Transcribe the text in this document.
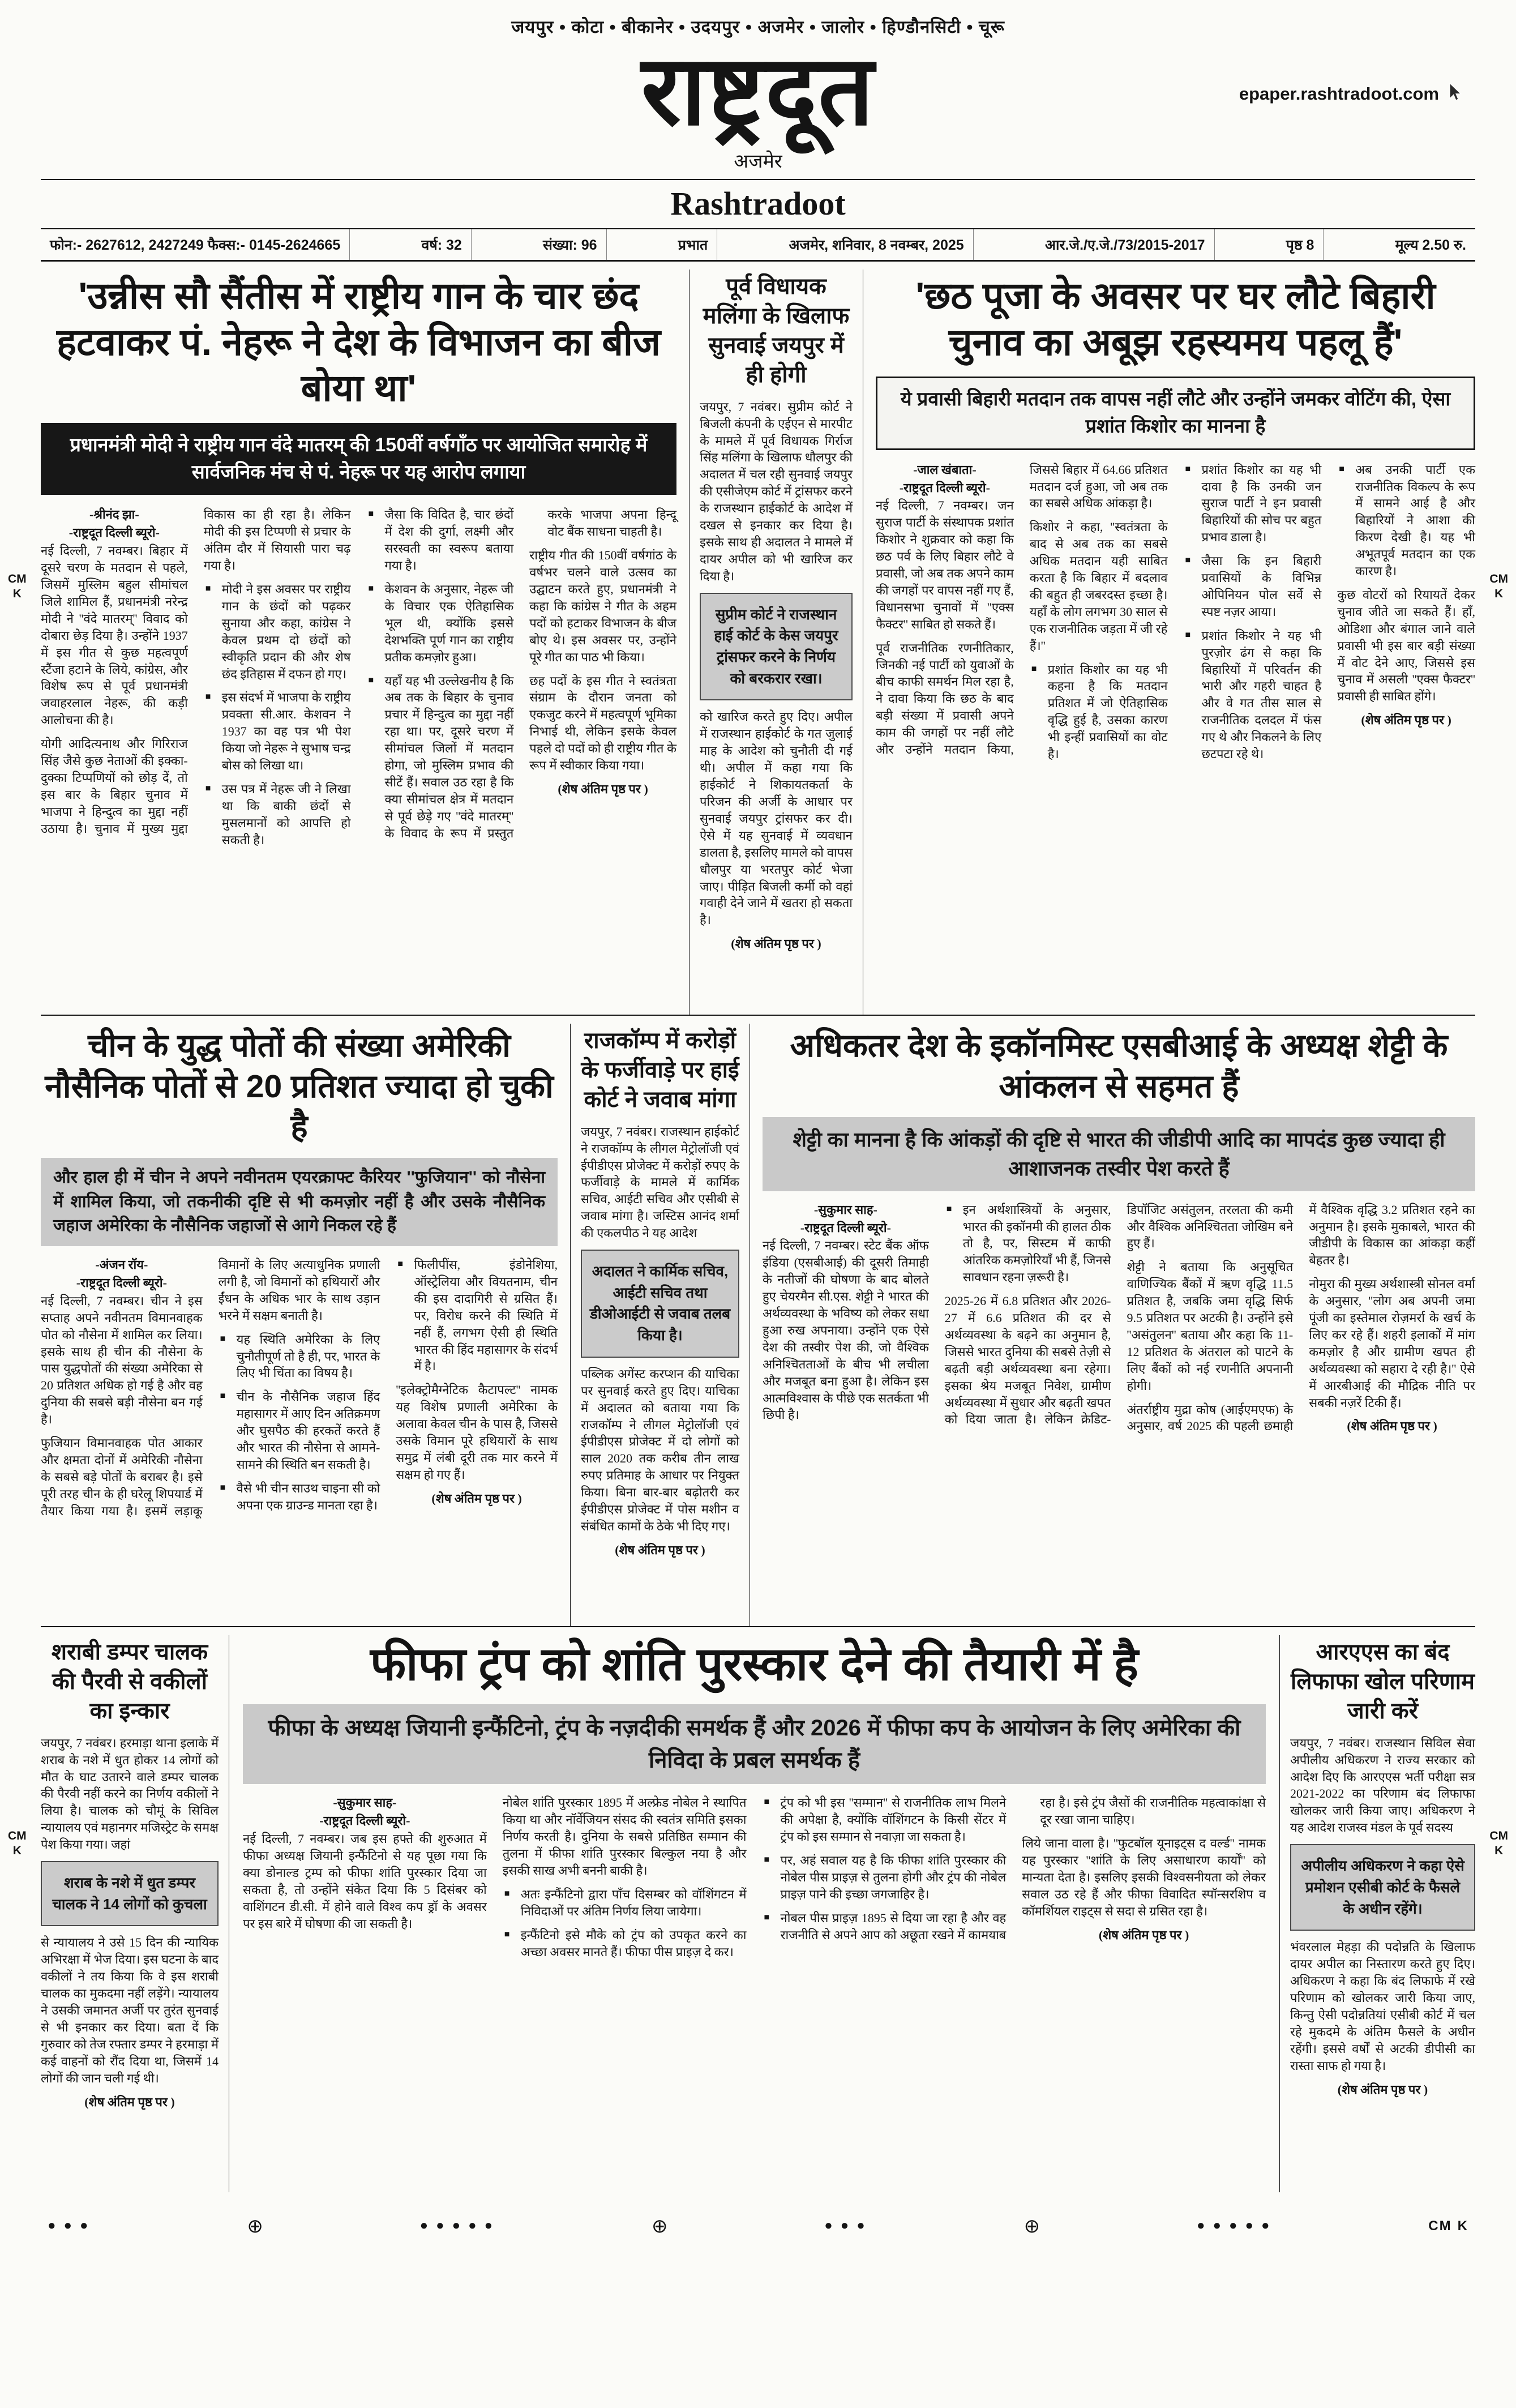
CM
K
CM
K
CM
K
CM
K
जयपुर • कोटा • बीकानेर • उदयपुर • अजमेर • जालोर • हिण्डौनसिटी • चूरू
राष्ट्रदूत	epaper.rashtradoot.com
अजमेर
Rashtradoot
फोन:- 2627612, 2427249 फैक्स:- 0145-2624665	वर्ष: 32	संख्या: 96	प्रभात	अजमेर, शनिवार, 8 नवम्बर, 2025	आर.जे./ए.जे./73/2015-2017	पृष्ठ 8	मूल्य 2.50 रु.
'उन्नीस सौ सैंतीस में राष्ट्रीय गान के चार छंद हटवाकर पं. नेहरू ने देश के विभाजन का बीज बोया था'
प्रधानमंत्री मोदी ने राष्ट्रीय गान वंदे मातरम् की 150वीं वर्षगाँठ पर आयोजित समारोह में सार्वजनिक मंच से पं. नेहरू पर यह आरोप लगाया

-श्रीनंद झा-

-राष्ट्रदूत दिल्ली ब्यूरो-

नई दिल्ली, 7 नवम्बर। बिहार में दूसरे चरण के मतदान से पहले, जिसमें मुस्लिम बहुल सीमांचल जिले शामिल हैं, प्रधानमंत्री नरेन्द्र मोदी ने ''वंदे मातरम्'' विवाद को दोबारा छेड़ दिया है। उन्होंने 1937 में इस गीत से कुछ महत्वपूर्ण स्टैंजा हटाने के लिये, कांग्रेस, और विशेष रूप से पूर्व प्रधानमंत्री जवाहरलाल नेहरू, की कड़ी आलोचना की है।

योगी आदित्यनाथ और गिरिराज सिंह जैसे कुछ नेताओं की इक्का-दुक्का टिप्पणियों को छोड़ दें, तो इस बार के बिहार चुनाव में भाजपा ने हिन्दुत्व का मुद्दा नहीं उठाया है। चुनाव में मुख्य मुद्दा विकास का ही रहा है। लेकिन मोदी की इस टिप्पणी से प्रचार के अंतिम दौर में सियासी पारा चढ़ गया है।

■ मोदी ने इस अवसर पर राष्ट्रीय गान के छंदों को पढ़कर सुनाया और कहा, कांग्रेस ने केवल प्रथम दो छंदों को स्वीकृति प्रदान की और शेष छंद इतिहास में दफन हो गए।

■ इस संदर्भ में भाजपा के राष्ट्रीय प्रवक्ता सी.आर. केशवन ने 1937 का वह पत्र भी पेश किया जो नेहरू ने सुभाष चन्द्र बोस को लिखा था।

■ उस पत्र में नेहरू जी ने लिखा था कि बाकी छंदों से मुसलमानों को आपत्ति हो सकती है।

■ जैसा कि विदित है, चार छंदों में देश की दुर्गा, लक्ष्मी और सरस्वती का स्वरूप बताया गया है।

■ केशवन के अनुसार, नेहरू जी के विचार एक ऐतिहासिक भूल थी, क्योंकि इससे देशभक्ति पूर्ण गान का राष्ट्रीय प्रतीक कमज़ोर हुआ।

■ यहाँ यह भी उल्लेखनीय है कि अब तक के बिहार के चुनाव प्रचार में हिन्दुत्व का मुद्दा नहीं रहा था। पर, दूसरे चरण में सीमांचल जिलों में मतदान होगा, जो मुस्लिम प्रभाव की सीटें हैं। सवाल उठ रहा है कि क्या सीमांचल क्षेत्र में मतदान से पूर्व छेड़े गए ''वंदे मातरम्'' के विवाद के रूप में प्रस्तुत करके भाजपा अपना हिन्दू वोट बैंक साधना चाहती है।

राष्ट्रीय गीत की 150वीं वर्षगांठ के वर्षभर चलने वाले उत्सव का उद्घाटन करते हुए, प्रधानमंत्री ने कहा कि कांग्रेस ने गीत के अहम पदों को हटाकर विभाजन के बीज बोए थे। इस अवसर पर, उन्होंने पूरे गीत का पाठ भी किया।

छह पदों के इस गीत ने स्वतंत्रता संग्राम के दौरान जनता को एकजुट करने में महत्वपूर्ण भूमिका निभाई थी, लेकिन इसके केवल पहले दो पदों को ही राष्ट्रीय गीत के रूप में स्वीकार किया गया।

(शेष अंतिम पृष्ठ पर )

पूर्व विधायक मलिंगा के खिलाफ सुनवाई जयपुर में ही होगी

जयपुर, 7 नवंबर। सुप्रीम कोर्ट ने बिजली कंपनी के एईएन से मारपीट के मामले में पूर्व विधायक गिर्राज सिंह मलिंगा के खिलाफ धौलपुर की अदालत में चल रही सुनवाई जयपुर की एसीजेएम कोर्ट में ट्रांसफर करने के राजस्थान हाईकोर्ट के आदेश में दखल से इनकार कर दिया है। इसके साथ ही अदालत ने मामले में दायर अपील को भी खारिज कर दिया है।

सुप्रीम कोर्ट ने राजस्थान हाई कोर्ट के केस जयपुर ट्रांसफर करने के निर्णय को बरकरार रखा।

को खारिज करते हुए दिए। अपील में राजस्थान हाईकोर्ट के गत जुलाई माह के आदेश को चुनौती दी गई थी। अपील में कहा गया कि हाईकोर्ट ने शिकायतकर्ता के परिजन की अर्जी के आधार पर सुनवाई जयपुर ट्रांसफर कर दी। ऐसे में यह सुनवाई में व्यवधान डालता है, इसलिए मामले को वापस धौलपुर या भरतपुर कोर्ट भेजा जाए। पीड़ित बिजली कर्मी को वहां गवाही देने जाने में खतरा हो सकता है।

(शेष अंतिम पृष्ठ पर )

'छठ पूजा के अवसर पर घर लौटे बिहारी चुनाव का अबूझ रहस्यमय पहलू हैं'
ये प्रवासी बिहारी मतदान तक वापस नहीं लौटे और उन्होंने जमकर वोटिंग की, ऐसा प्रशांत किशोर का मानना है

-जाल खंबाता-

-राष्ट्रदूत दिल्ली ब्यूरो-

नई दिल्ली, 7 नवम्बर। जन सुराज पार्टी के संस्थापक प्रशांत किशोर ने शुक्रवार को कहा कि छठ पर्व के लिए बिहार लौटे वे प्रवासी, जो अब तक अपने काम की जगहों पर वापस नहीं गए हैं, विधानसभा चुनावों में ''एक्स फैक्टर'' साबित हो सकते हैं।

पूर्व राजनीतिक रणनीतिकार, जिनकी नई पार्टी को युवाओं के बीच काफी समर्थन मिल रहा है, ने दावा किया कि छठ के बाद बड़ी संख्या में प्रवासी अपने काम की जगहों पर नहीं लौटे और उन्होंने मतदान किया, जिससे बिहार में 64.66 प्रतिशत मतदान दर्ज हुआ, जो अब तक का सबसे अधिक आंकड़ा है।

किशोर ने कहा, ''स्वतंत्रता के बाद से अब तक का सबसे अधिक मतदान यही साबित करता है कि बिहार में बदलाव की बहुत ही जबरदस्त इच्छा है। यहाँ के लोग लगभग 30 साल से एक राजनीतिक जड़ता में जी रहे हैं।''

■ प्रशांत किशोर का यह भी कहना है कि मतदान प्रतिशत में जो ऐतिहासिक वृद्धि हुई है, उसका कारण भी इन्हीं प्रवासियों का वोट है।

■ प्रशांत किशोर का यह भी दावा है कि उनकी जन सुराज पार्टी ने इन प्रवासी बिहारियों की सोच पर बहुत प्रभाव डाला है।

■ जैसा कि इन बिहारी प्रवासियों के विभिन्न ओपिनियन पोल सर्वे से स्पष्ट नज़र आया।

■ प्रशांत किशोर ने यह भी पुरज़ोर ढंग से कहा कि बिहारियों में परिवर्तन की भारी और गहरी चाहत है और वे गत तीस साल से राजनीतिक दलदल में फंस गए थे और निकलने के लिए छटपटा रहे थे।

■ अब उनकी पार्टी एक राजनीतिक विकल्प के रूप में सामने आई है और बिहारियों ने आशा की किरण देखी है। यह भी अभूतपूर्व मतदान का एक कारण है।

कुछ वोटरों को रियायतें देकर चुनाव जीते जा सकते हैं। हाँ, ओडिशा और बंगाल जाने वाले प्रवासी भी इस बार बड़ी संख्या में वोट देने आए, जिससे इस चुनाव में असली ''एक्स फैक्टर'' प्रवासी ही साबित होंगे।

(शेष अंतिम पृष्ठ पर )

चीन के युद्ध पोतों की संख्या अमेरिकी नौसैनिक पोतों से 20 प्रतिशत ज्यादा हो चुकी है
और हाल ही में चीन ने अपने नवीनतम एयरक्राफ्ट कैरियर ''फुजियान'' को नौसेना में शामिल किया, जो तकनीकी दृष्टि से भी कमज़ोर नहीं है और उसके नौसैनिक जहाज अमेरिका के नौसैनिक जहाजों से आगे निकल रहे हैं

-अंजन रॉय-

-राष्ट्रदूत दिल्ली ब्यूरो-

नई दिल्ली, 7 नवम्बर। चीन ने इस सप्ताह अपने नवीनतम विमानवाहक पोत को नौसेना में शामिल कर लिया। इसके साथ ही चीन की नौसेना के पास युद्धपोतों की संख्या अमेरिका से 20 प्रतिशत अधिक हो गई है और वह दुनिया की सबसे बड़ी नौसेना बन गई है।

फुजियान विमानवाहक पोत आकार और क्षमता दोनों में अमेरिकी नौसेना के सबसे बड़े पोतों के बराबर है। इसे पूरी तरह चीन के ही घरेलू शिपयार्ड में तैयार किया गया है। इसमें लड़ाकू विमानों के लिए अत्याधुनिक प्रणाली लगी है, जो विमानों को हथियारों और ईंधन के अधिक भार के साथ उड़ान भरने में सक्षम बनाती है।

■ यह स्थिति अमेरिका के लिए चुनौतीपूर्ण तो है ही, पर, भारत के लिए भी चिंता का विषय है।

■ चीन के नौसैनिक जहाज हिंद महासागर में आए दिन अतिक्रमण और घुसपैठ की हरकतें करते हैं और भारत की नौसेना से आमने-सामने की स्थिति बन सकती है।

■ वैसे भी चीन साउथ चाइना सी को अपना एक ग्राउन्ड मानता रहा है।

■ फिलीपींस, इंडोनेशिया, ऑस्ट्रेलिया और वियतनाम, चीन की इस दादागिरी से ग्रसित हैं। पर, विरोध करने की स्थिति में नहीं हैं, लगभग ऐसी ही स्थिति भारत की हिंद महासागर के संदर्भ में है।

''इलेक्ट्रोमैग्नेटिक कैटापल्ट'' नामक यह विशेष प्रणाली अमेरिका के अलावा केवल चीन के पास है, जिससे उसके विमान पूरे हथियारों के साथ समुद्र में लंबी दूरी तक मार करने में सक्षम हो गए हैं।

(शेष अंतिम पृष्ठ पर )

राजकॉम्प में करोड़ों के फर्जीवाड़े पर हाई कोर्ट ने जवाब मांगा

जयपुर, 7 नवंबर। राजस्थान हाईकोर्ट ने राजकॉम्प के लीगल मेट्रोलॉजी एवं ईपीडीएस प्रोजेक्ट में करोड़ों रुपए के फर्जीवाड़े के मामले में कार्मिक सचिव, आईटी सचिव और एसीबी से जवाब मांगा है। जस्टिस आनंद शर्मा की एकलपीठ ने यह आदेश

अदालत ने कार्मिक सचिव, आईटी सचिव तथा डीओआईटी से जवाब तलब किया है।

पब्लिक अगेंस्ट करप्शन की याचिका पर सुनवाई करते हुए दिए। याचिका में अदालत को बताया गया कि राजकॉम्प ने लीगल मेट्रोलॉजी एवं ईपीडीएस प्रोजेक्ट में दो लोगों को साल 2020 तक करीब तीन लाख रुपए प्रतिमाह के आधार पर नियुक्त किया। बिना बार-बार बढ़ोतरी कर ईपीडीएस प्रोजेक्ट में पोस मशीन व संबंधित कामों के ठेके भी दिए गए।

(शेष अंतिम पृष्ठ पर )

अधिकतर देश के इकॉनमिस्ट एसबीआई के अध्यक्ष शेट्टी के आंकलन से सहमत हैं
शेट्टी का मानना है कि आंकड़ों की दृष्टि से भारत की जीडीपी आदि का मापदंड कुछ ज्यादा ही आशाजनक तस्वीर पेश करते हैं

-सुकुमार साह-

-राष्ट्रदूत दिल्ली ब्यूरो-

नई दिल्ली, 7 नवम्बर। स्टेट बैंक ऑफ इंडिया (एसबीआई) की दूसरी तिमाही के नतीजों की घोषणा के बाद बोलते हुए चेयरमैन सी.एस. शेट्टी ने भारत की अर्थव्यवस्था के भविष्य को लेकर सधा हुआ रुख अपनाया। उन्होंने एक ऐसे देश की तस्वीर पेश की, जो वैश्विक अनिश्चितताओं के बीच भी लचीला और मजबूत बना हुआ है। लेकिन इस आत्मविश्वास के पीछे एक सतर्कता भी छिपी है।

■ इन अर्थशास्त्रियों के अनुसार, भारत की इकॉनमी की हालत ठीक तो है, पर, सिस्टम में काफी आंतरिक कमज़ोरियाँ भी हैं, जिनसे सावधान रहना ज़रूरी है।

2025-26 में 6.8 प्रतिशत और 2026-27 में 6.6 प्रतिशत की दर से अर्थव्यवस्था के बढ़ने का अनुमान है, जिससे भारत दुनिया की सबसे तेज़ी से बढ़ती बड़ी अर्थव्यवस्था बना रहेगा। इसका श्रेय मजबूत निवेश, ग्रामीण अर्थव्यवस्था में सुधार और बढ़ती खपत को दिया जाता है। लेकिन क्रेडिट-डिपॉजिट असंतुलन, तरलता की कमी और वैश्विक अनिश्चितता जोखिम बने हुए हैं।

शेट्टी ने बताया कि अनुसूचित वाणिज्यिक बैंकों में ऋण वृद्धि 11.5 प्रतिशत है, जबकि जमा वृद्धि सिर्फ 9.5 प्रतिशत पर अटकी है। उन्होंने इसे ''असंतुलन'' बताया और कहा कि 11-12 प्रतिशत के अंतराल को पाटने के लिए बैंकों को नई रणनीति अपनानी होगी।

अंतर्राष्ट्रीय मुद्रा कोष (आईएमएफ) के अनुसार, वर्ष 2025 की पहली छमाही में वैश्विक वृद्धि 3.2 प्रतिशत रहने का अनुमान है। इसके मुकाबले, भारत की जीडीपी के विकास का आंकड़ा कहीं बेहतर है।

नोमुरा की मुख्य अर्थशास्त्री सोनल वर्मा के अनुसार, ''लोग अब अपनी जमा पूंजी का इस्तेमाल रोज़मर्रा के खर्च के लिए कर रहे हैं। शहरी इलाकों में मांग कमज़ोर है और ग्रामीण खपत ही अर्थव्यवस्था को सहारा दे रही है।'' ऐसे में आरबीआई की मौद्रिक नीति पर सबकी नज़रें टिकी हैं।

(शेष अंतिम पृष्ठ पर )

शराबी डम्पर चालक की पैरवी से वकीलों का इन्कार

जयपुर, 7 नवंबर। हरमाड़ा थाना इलाके में शराब के नशे में धुत होकर 14 लोगों को मौत के घाट उतारने वाले डम्पर चालक की पैरवी नहीं करने का निर्णय वकीलों ने लिया है। चालक को चौमूं के सिविल न्यायालय एवं महानगर मजिस्ट्रेट के समक्ष पेश किया गया। जहां

शराब के नशे में धुत डम्पर चालक ने 14 लोगों को कुचला

से न्यायालय ने उसे 15 दिन की न्यायिक अभिरक्षा में भेज दिया। इस घटना के बाद वकीलों ने तय किया कि वे इस शराबी चालक का मुकदमा नहीं लड़ेंगे। न्यायालय ने उसकी जमानत अर्जी पर तुरंत सुनवाई से भी इनकार कर दिया। बता दें कि गुरुवार को तेज रफ्तार डम्पर ने हरमाड़ा में कई वाहनों को रौंद दिया था, जिसमें 14 लोगों की जान चली गई थी।

(शेष अंतिम पृष्ठ पर )

फीफा ट्रंप को शांति पुरस्कार देने की तैयारी में है
फीफा के अध्यक्ष जियानी इन्फैंटिनो, ट्रंप के नज़दीकी समर्थक हैं और 2026 में फीफा कप के आयोजन के लिए अमेरिका की निविदा के प्रबल समर्थक हैं

-सुकुमार साह-

-राष्ट्रदूत दिल्ली ब्यूरो-

नई दिल्ली, 7 नवम्बर। जब इस हफ्ते की शुरुआत में फीफा अध्यक्ष जियानी इन्फैंटिनो से यह पूछा गया कि क्या डोनाल्ड ट्रम्प को फीफा शांति पुरस्कार दिया जा सकता है, तो उन्होंने संकेत दिया कि 5 दिसंबर को वाशिंगटन डी.सी. में होने वाले विश्व कप ड्रॉ के अवसर पर इस बारे में घोषणा की जा सकती है।

नोबेल शांति पुरस्कार 1895 में अल्फ्रेड नोबेल ने स्थापित किया था और नॉर्वेजियन संसद की स्वतंत्र समिति इसका निर्णय करती है। दुनिया के सबसे प्रतिष्ठित सम्मान की तुलना में फीफा शांति पुरस्कार बिल्कुल नया है और इसकी साख अभी बननी बाकी है।

■ अतः इन्फैंटिनो द्वारा पाँच दिसम्बर को वॉशिंगटन में निविदाओं पर अंतिम निर्णय लिया जायेगा।

■ इन्फैंटिनो इसे मौके को ट्रंप को उपकृत करने का अच्छा अवसर मानते हैं। फीफा पीस प्राइज़ दे कर।

■ ट्रंप को भी इस ''सम्मान'' से राजनीतिक लाभ मिलने की अपेक्षा है, क्योंकि वॉशिंगटन के किसी सेंटर में ट्रंप को इस सम्मान से नवाज़ा जा सकता है।

■ पर, अहं सवाल यह है कि फीफा शांति पुरस्कार की नोबेल पीस प्राइज़ से तुलना होगी और ट्रंप की नोबेल प्राइज़ पाने की इच्छा जगजाहिर है।

■ नोबल पीस प्राइज़ 1895 से दिया जा रहा है और वह राजनीति से अपने आप को अछूता रखने में कामयाब रहा है। इसे ट्रंप जैसों की राजनीतिक महत्वाकांक्षा से दूर रखा जाना चाहिए।

लिये जाना वाला है। ''फुटबॉल यूनाइट्स द वर्ल्ड'' नामक यह पुरस्कार ''शांति के लिए असाधारण कार्यों'' को मान्यता देता है। इसलिए इसकी विश्वसनीयता को लेकर सवाल उठ रहे हैं और फीफा विवादित स्पॉन्सरशिप व कॉमर्शियल राइट्स से सदा से ग्रसित रहा है।

(शेष अंतिम पृष्ठ पर )

आरएएस का बंद लिफाफा खोल परिणाम जारी करें

जयपुर, 7 नवंबर। राजस्थान सिविल सेवा अपीलीय अधिकरण ने राज्य सरकार को आदेश दिए कि आरएएस भर्ती परीक्षा सत्र 2021-2022 का परिणाम बंद लिफाफा खोलकर जारी किया जाए। अधिकरण ने यह आदेश राजस्व मंडल के पूर्व सदस्य

अपीलीय अधिकरण ने कहा ऐसे प्रमोशन एसीबी कोर्ट के फैसले के अधीन रहेंगे।

भंवरलाल मेहड़ा की पदोन्नति के खिलाफ दायर अपील का निस्तारण करते हुए दिए। अधिकरण ने कहा कि बंद लिफाफे में रखे परिणाम को खोलकर जारी किया जाए, किन्तु ऐसी पदोन्नतियां एसीबी कोर्ट में चल रहे मुकदमे के अंतिम फैसले के अधीन रहेंगी। इससे वर्षों से अटकी डीपीसी का रास्ता साफ हो गया है।

(शेष अंतिम पृष्ठ पर )

● ● ●	⊕	● ● ● ● ●	⊕	● ● ●	⊕	● ● ● ● ●	CM K
